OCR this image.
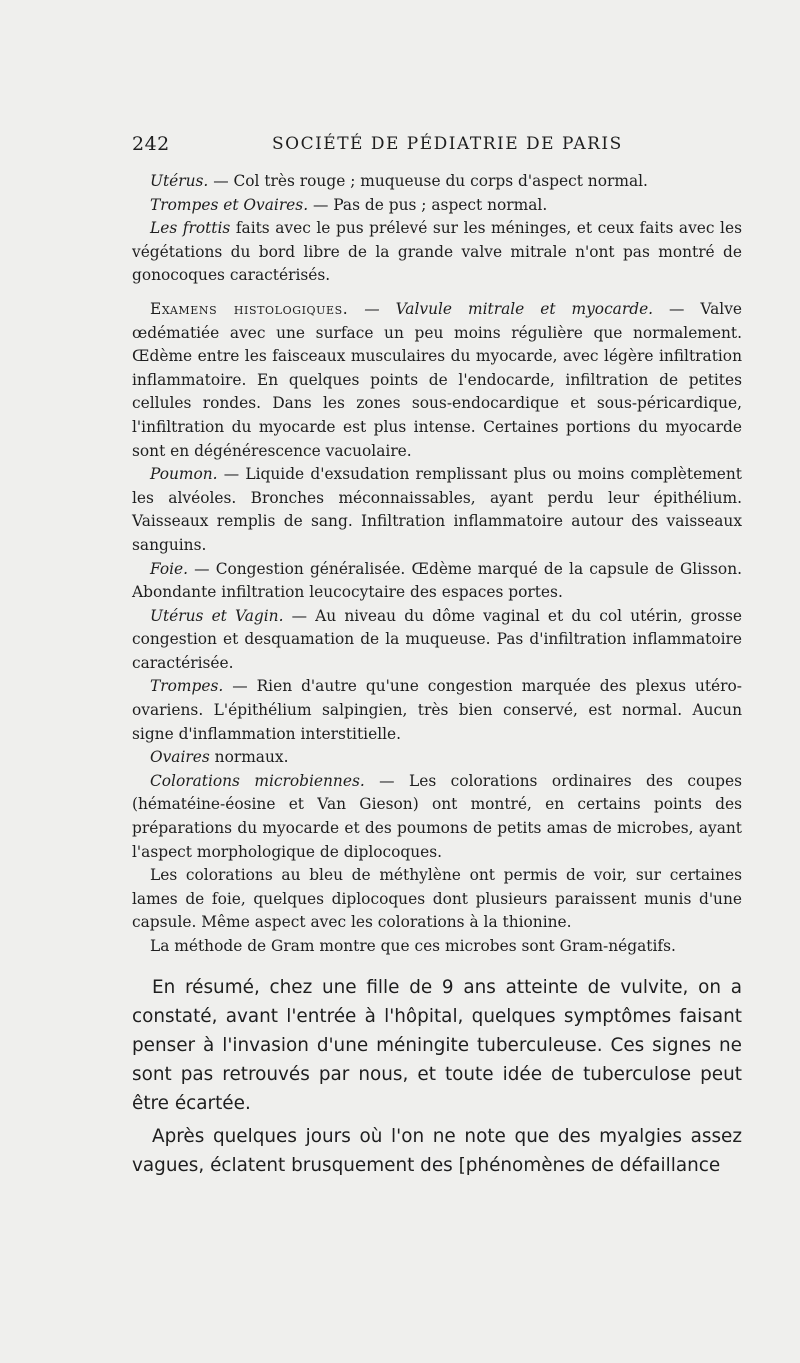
242	SOCIÉTÉ DE PÉDIATRIE DE PARIS

Utérus. — Col très rouge ; muqueuse du corps d'aspect normal.

Trompes et Ovaires. — Pas de pus ; aspect normal.

Les frottis faits avec le pus prélevé sur les méninges, et ceux faits avec les végétations du bord libre de la grande valve mitrale n'ont pas montré de gonocoques caractérisés.

Examens histologiques. — Valvule mitrale et myocarde. — Valve œdématiée avec une surface un peu moins régulière que normalement. Œdème entre les faisceaux musculaires du myocarde, avec légère infiltration inflammatoire. En quelques points de l'endocarde, infiltration de petites cellules rondes. Dans les zones sous-endocardique et sous-péricardique, l'infiltration du myocarde est plus intense. Certaines portions du myocarde sont en dégénérescence vacuolaire.

Poumon. — Liquide d'exsudation remplissant plus ou moins complètement les alvéoles. Bronches méconnaissables, ayant perdu leur épithélium. Vaisseaux remplis de sang. Infiltration inflammatoire autour des vaisseaux sanguins.

Foie. — Congestion généralisée. Œdème marqué de la capsule de Glisson. Abondante infiltration leucocytaire des espaces portes.

Utérus et Vagin. — Au niveau du dôme vaginal et du col utérin, grosse congestion et desquamation de la muqueuse. Pas d'infiltration inflammatoire caractérisée.

Trompes. — Rien d'autre qu'une congestion marquée des plexus utéro-ovariens. L'épithélium salpingien, très bien conservé, est normal. Aucun signe d'inflammation interstitielle.

Ovaires normaux.

Colorations microbiennes. — Les colorations ordinaires des coupes (hématéine-éosine et Van Gieson) ont montré, en certains points des préparations du myocarde et des poumons de petits amas de microbes, ayant l'aspect morphologique de diplocoques.

Les colorations au bleu de méthylène ont permis de voir, sur certaines lames de foie, quelques diplocoques dont plusieurs paraissent munis d'une capsule. Même aspect avec les colorations à la thionine.

La méthode de Gram montre que ces microbes sont Gram-négatifs.

En résumé, chez une fille de 9 ans atteinte de vulvite, on a constaté, avant l'entrée à l'hôpital, quelques symptômes faisant penser à l'invasion d'une méningite tuberculeuse. Ces signes ne sont pas retrouvés par nous, et toute idée de tuberculose peut être écartée.

Après quelques jours où l'on ne note que des myalgies assez vagues, éclatent brusquement des [phénomènes de défaillance
